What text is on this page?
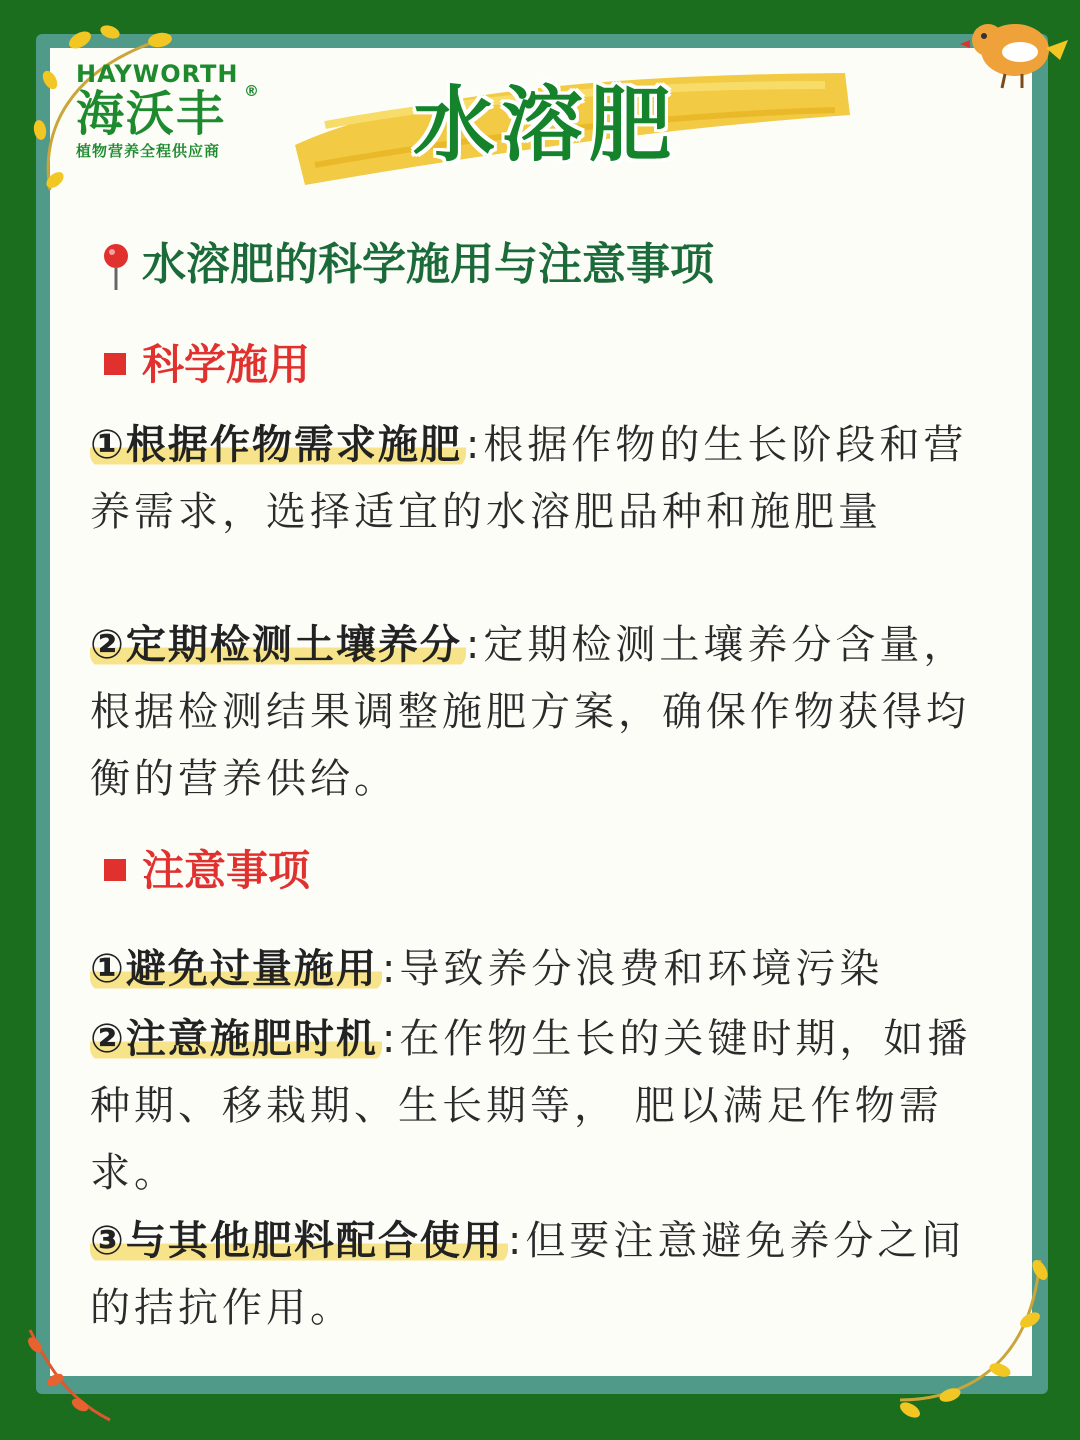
HAYWORTH
海沃丰
植物营养全程供应商
® 水溶肥
水溶肥的科学施用与注意事项
科学施用
①根据作物需求施肥 :根据作物的生长阶段和营养需求，选择适宜的水溶肥品种和施肥量
②定期检测土壤养分 :定期检测土壤养分含量，根据检测结果调整施肥方案，确保作物获得均衡的营养供给。
注意事项
①避免过量施用 :导致养分浪费和环境污染
②注意施肥时机 :在作物生长的关键时期，如播种期、移栽期、生长期等， 肥以满足作物需求。
③与其他肥料配合使用 :但要注意避免养分之间的拮抗作用。
